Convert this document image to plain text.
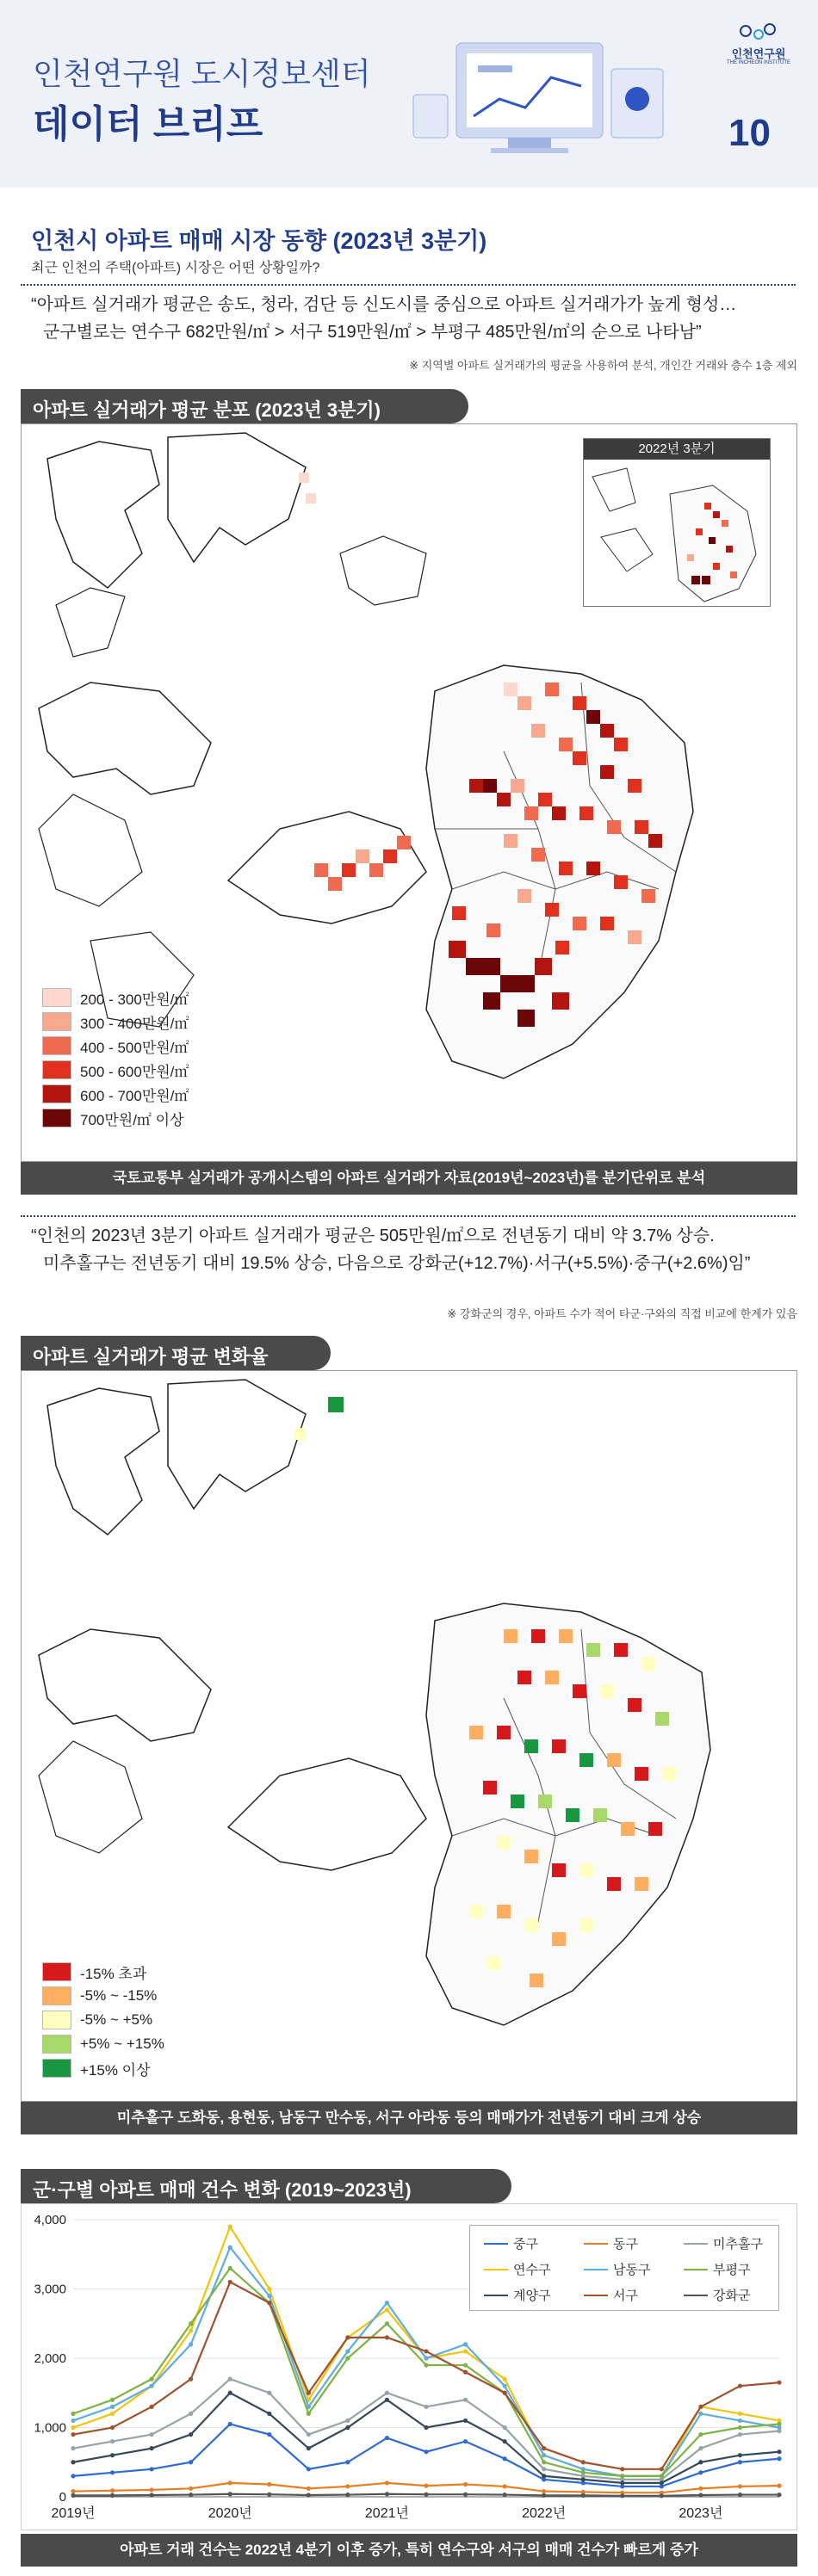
인천연구원 도시정보센터
데이터 브리프
인천연구원
THE INCHEON INSTITUTE
10
인천시 아파트 매매 시장 동향 (2023년 3분기)
최근 인천의 주택(아파트) 시장은 어떤 상황일까?
“아파트 실거래가 평균은 송도, 청라, 검단 등 신도시를 중심으로 아파트 실거래가가 높게 형성…
군구별로는 연수구 682만원/㎡ > 서구 519만원/㎡ > 부평구 485만원/㎡의 순으로 나타남”
※ 지역별 아파트 실거래가의 평균을 사용하여 분석, 개인간 거래와 층수 1층 제외
아파트 실거래가 평균 분포 (2023년 3분기)
2022년 3분기
200 - 300만원/㎡
300 - 400만원/㎡
400 - 500만원/㎡
500 - 600만원/㎡
600 - 700만원/㎡
700만원/㎡ 이상
국토교통부 실거래가 공개시스템의 아파트 실거래가 자료(2019년~2023년)를 분기단위로 분석
“인천의 2023년 3분기 아파트 실거래가 평균은 505만원/㎡으로 전년동기 대비 약 3.7% 상승.
미추홀구는 전년동기 대비 19.5% 상승, 다음으로 강화군(+12.7%)·서구(+5.5%)·중구(+2.6%)임”
※ 강화군의 경우, 아파트 수가 적어 타군·구와의 직접 비교에 한계가 있음
아파트 실거래가 평균 변화율
-15% 초과
-5% ~ -15%
-5% ~ +5%
+5% ~ +15%
+15% 이상
미추홀구 도화동, 용현동, 남동구 만수동, 서구 아라동 등의 매매가가 전년동기 대비 크게 상승
군·구별 아파트 매매 건수 변화 (2019~2023년)
0
1,000
2,000
3,000
4,000
2019년	2020년	2021년	2022년	2023년
중구	동구	미추홀구
연수구	남동구	부평구
계양구	서구	강화군
아파트 거래 건수는 2022년 4분기 이후 증가, 특히 연수구와 서구의 매매 건수가 빠르게 증가
